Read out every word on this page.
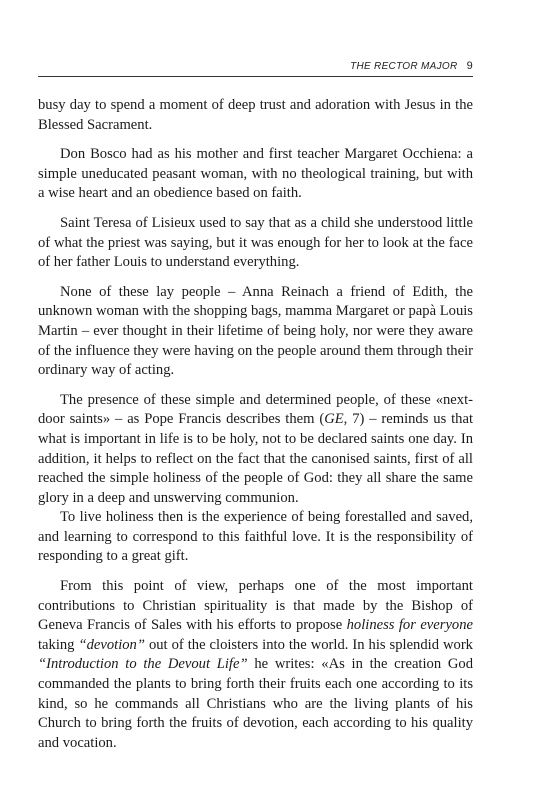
THE RECTOR MAJOR 9

busy day to spend a moment of deep trust and adoration with Jesus in the Blessed Sacrament.

Don Bosco had as his mother and first teacher Margaret Occhiena: a simple uneducated peasant woman, with no theological training, but with a wise heart and an obedience based on faith.

Saint Teresa of Lisieux used to say that as a child she understood little of what the priest was saying, but it was enough for her to look at the face of her father Louis to understand everything.

None of these lay people – Anna Reinach a friend of Edith, the unknown woman with the shopping bags, mamma Margaret or papà Louis Martin – ever thought in their lifetime of being holy, nor were they aware of the influence they were having on the people around them through their ordinary way of acting.

The presence of these simple and determined people, of these «next-door saints» – as Pope Francis describes them (GE, 7) – reminds us that what is important in life is to be holy, not to be declared saints one day. In addition, it helps to reflect on the fact that the canonised saints, first of all reached the simple holiness of the people of God: they all share the same glory in a deep and unswerving communion.

To live holiness then is the experience of being forestalled and saved, and learning to correspond to this faithful love. It is the responsibility of responding to a great gift.

From this point of view, perhaps one of the most important contributions to Christian spirituality is that made by the Bishop of Geneva Francis of Sales with his efforts to propose holiness for everyone taking “devotion” out of the cloisters into the world. In his splendid work “Introduction to the Devout Life” he writes: «As in the creation God commanded the plants to bring forth their fruits each one according to its kind, so he commands all Christians who are the living plants of his Church to bring forth the fruits of devotion, each according to his quality and vocation.
